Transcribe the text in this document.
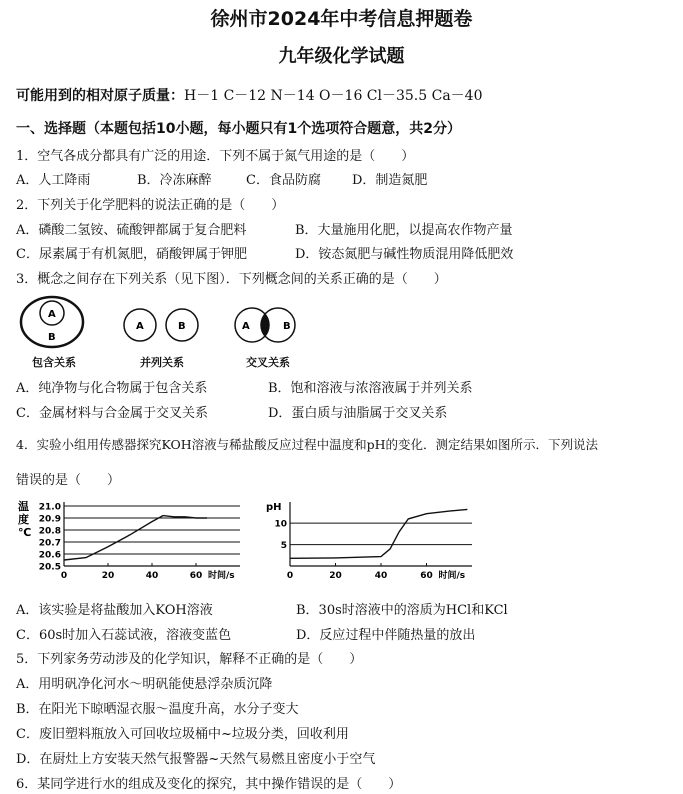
徐州市2024年中考信息押题卷
九年级化学试题
可能用到的相对原子质量：H－1 C－12 N－14 O－16 Cl－35.5 Ca－40
一、选择题（本题包括10小题，每小题只有1个选项符合题意，共2分）
1．空气各成分都具有广泛的用途．下列不属于氮气用途的是（　　）
A．人工降雨	B．冷冻麻醉	C．食品防腐 D．制造氮肥
2．下列关于化学肥料的说法正确的是（　　）
A．磷酸二氢铵、硫酸钾都属于复合肥料	B．大量施用化肥，以提高农作物产量
C．尿素属于有机氮肥，硝酸钾属于钾肥	D．铵态氮肥与碱性物质混用降低肥效
3．概念之间存在下列关系（见下图）．下列概念间的关系正确的是（　　）
A
B
A	B	A	B
包含关系	并列关系	交叉关系
A．纯净物与化合物属于包含关系	B．饱和溶液与浓溶液属于并列关系
C．金属材料与合金属于交叉关系	D．蛋白质与油脂属于交叉关系
4．实验小组用传感器探究KOH溶液与稀盐酸反应过程中温度和pH的变化．测定结果如图所示．下列说法
错误的是（　　）
20.5
20.6
20.7
20.8
20.9
21.0
0	20	40	60 时间/s
温
度
℃
5
10
0	20	40	60 时间/s
pH
A．该实验是将盐酸加入KOH溶液	B．30s时溶液中的溶质为HCl和KCl
C．60s时加入石蕊试液，溶液变蓝色	D．反应过程中伴随热量的放出
5．下列家务劳动涉及的化学知识，解释不正确的是（　　）
A．用明矾净化河水～明矾能使悬浮杂质沉降
B．在阳光下晾晒湿衣服～温度升高，水分子变大
C．废旧塑料瓶放入可回收垃圾桶中~垃圾分类，回收利用
D．在厨灶上方安装天然气报警器~天然气易燃且密度小于空气
6．某同学进行水的组成及变化的探究，其中操作错误的是（　　）
